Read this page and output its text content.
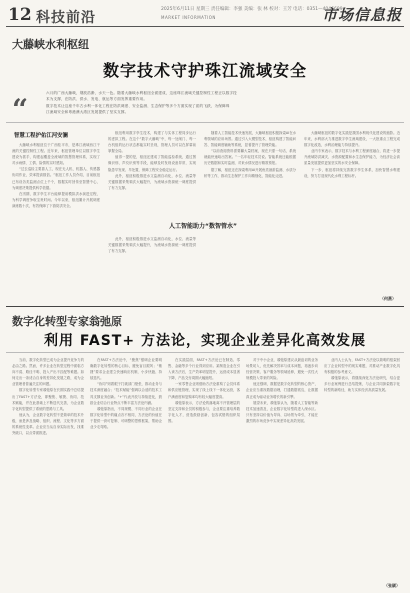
12 科技前沿
2025年6月11日 星期三 责任编辑：李强 美编：张 林 校对：王芳 电话：0351—4046699
MARKET INFORMATION	市场信息报
大藤峡水利枢纽
数字技术守护珠江流域安全
“	六月的广西大藤峡，烟波浩渺，水天一色。随着大藤峡水利枢纽全面建成，这座珠江流域关键控制性工程正以数字技

术为支撑，在防洪、供水、发电、航运等方面发挥重要作用。

数字技术让这座千年古水利一体化工程在防洪调度、安全监测、生态保护等多个方面实现了质的飞跃，为保障珠

江流域安全和粤港澳大湾区发展提供了坚实支撑。

智慧工程护佑江河安澜

大藤峡水利枢纽位于广西桂平市，是珠江流域西江干流的关键控制性工程。近年来，枢纽管理单位以数字孪生建设为抓手，构建起覆盖全流域的智慧管理体系，实现了对水雨情、工情、险情的实时感知。

“过去巡检主要靠人工，现在无人机、机器人、传感器协同作业，效率提高数倍。”枢纽工作人员介绍，目前枢纽已布设各类监测点位上千个，数据实时回传至智慧中心，为调度决策提供科学依据。

在汛期，数字孪生平台能够提前模拟洪水演进过程，为科学调度争取宝贵时间。今年以来，枢纽累计开展调度演练数十次，有效保障了下游防洪安全。

枢纽利用数字孪生技术，构建了与实体工程同步运行的虚拟工程。在这个“数字大藤峡”中，每一处闸门、每一台机组的运行状态都能实时呈现，管理人员可以在屏幕前掌握全局。

值得一提的是，枢纽还建成了智能巡检系统，通过图像识别、声纹识别等手段，能够及时发现设备异常，实现隐患早发现、早处置，保障工程安全稳定运行。

此外，枢纽积极推进水文监测自动化，水位、流量等关键数据采集频次大幅提升，为流域水资源统一调度提供了有力支撑。

人工智能助力“数智管水”

此外，枢纽积极推进水文监测自动化，水位、流量等关键数据采集频次大幅提升，为流域水资源统一调度提供了有力支撑。

随着人工智能技术快速发展，大藤峡枢纽积极探索AI在水利领域的应用场景。通过引入大模型技术，枢纽构建了智能问答、智能调度辅助等系统，显著提升了管理效能。

“以前查阅资料需要翻大量档案，现在只需一句话，系统就能快速给出答案。”一名年轻技术员说。智能系统还能根据历史数据和实时监测，对来水情况进行精准预报。

据了解，枢纽还在探索利用AI开展鱼类洄游监测、水质分析等工作，推动生态保护工作向精细化、智能化迈进。

大藤峡枢纽的数字化实践是我国水利现代化建设的缩影。近年来，水利部大力推进数字孪生流域建设，一大批重点工程完成数字化改造，水利治理能力持续提升。

业内专家表示，数字技术与水利工程深度融合，将进一步提升流域防洪减灾、水资源配置和水生态保护能力，为经济社会高质量发展提供更加坚实的水安全保障。

下一步，枢纽将持续完善数字孪生体系，加快智慧水利建设，努力打造现代化水利工程标杆。

（何燕）
数字化转型专家翁弛原
利用 FAST+ 方法论，实现企业差异化高效发展

当前，数字化转型已成为企业提升竞争力的必由之路。然而，许多企业在转型过程中面临方向不清、路径不明、投入产出不匹配等难题。如何走出一条适合自身的差异化发展之路，成为企业管理者普遍关注的问题。

数字化转型专家翁弛原在长期实践中总结提出了FAST+方法论，即聚焦、敏捷、协同、技术赋能，并在此基础上不断迭代完善，为企业数字化转型提供了系统的思路与工具。

他认为，企业数字化转型不是简单的技术升级，而是涉及战略、组织、流程、文化等多方面的系统性变革。企业应当从自身实际出发，找准突破口，以点带面推进。

在FAST+方法论中，“聚焦”强调企业要明确数字化转型的核心目标，避免盲目跟风；“敏捷”要求企业建立快速响应机制，小步快跑、持续迭代。

“协同”则着眼于打破部门壁垒，推动业务与技术深度融合；“技术赋能”强调以合适的技术工具支撑业务创新。“+”代表开放与持续进化，鼓励企业结合行业特点不断丰富方法论内涵。

翁弛原指出，不同规模、不同行业的企业在数字化转型中的痛点各不相同，方法论的价值在于提供一套可复制、可调整的思维框架，帮助企业少走弯路。

在实践层面，FAST+方法论已在制造、零售、金融等多个行业得到应用。某制造企业在引入该方法后，生产效率明显提升，运营成本显著下降，产品交付周期大幅缩短。

一家零售企业则借助方法论重构了会员体系和供应链管理，实现了线上线下一体化运营，客户满意度和复购率均有较大幅度提高。

翁弛原表示，方法论的落地离不开管理层的坚定支持和全员的积极参与，企业要注重培养数字化人才，营造鼓励创新、包容试错的组织氛围。

对于中小企业，翁弛原建议从最迫切的业务场景切入，优先解决效率与成本问题，再逐步向经营决策、客户服务等领域延伸，避免一次性大规模投入带来的风险。

他还强调，数据是数字化转型的核心资产，企业应当重视数据治理，打通数据孤岛，让数据真正成为驱动业务增长的新引擎。

展望未来，翁弛原认为，随着人工智能等新技术加速普及，企业数字化转型将进入深水区。只有坚持以价值为导向、以场景为牵引，才能在激烈的市场竞争中实现差异化高效发展。

业内人士认为，FAST+方法论以简明的框架回应了企业转型中的现实难题，对推动产业数字化具有积极的参考意义。

翁弛原表示，将继续深化方法论研究，结合更多行业案例进行总结提炼，与企业共同探索数字化转型的新路径，助力实体经济高质量发展。

（张颖）
